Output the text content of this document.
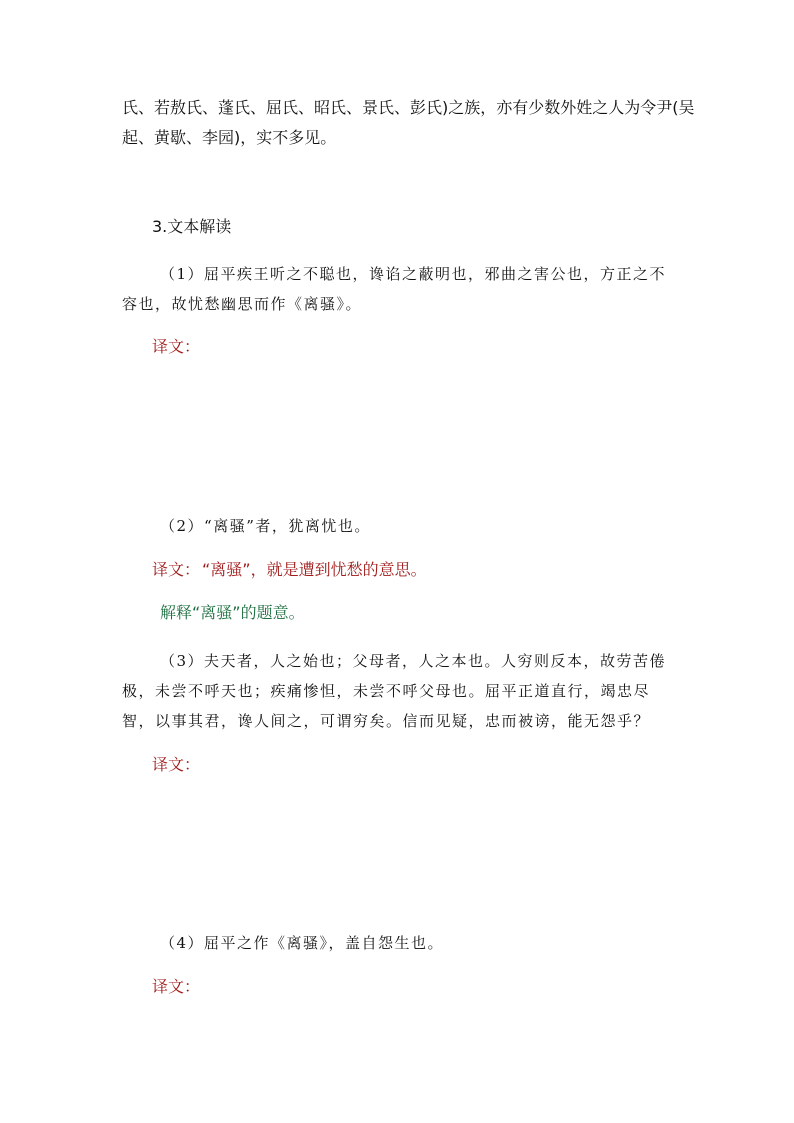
氏、若敖氏、蓬氏、屈氏、昭氏、景氏、彭氏)之族，亦有少数外姓之人为令尹(吴
起、黄歇、李园)，实不多见。
3.文本解读
（1）屈平疾王听之不聪也，谗谄之蔽明也，邪曲之害公也，方正之不
容也，故忧愁幽思而作《离骚》。
译文：
（2）“离骚”者，犹离忧也。
译文： “离骚”，就是遭到忧愁的意思。
解释“离骚”的题意。
（3）夫天者，人之始也；父母者，人之本也。人穷则反本，故劳苦倦
极，未尝不呼天也；疾痛惨怛，未尝不呼父母也。屈平正道直行，竭忠尽
智，以事其君，谗人间之，可谓穷矣。信而见疑，忠而被谤，能无怨乎？
译文：
（4）屈平之作《离骚》，盖自怨生也。
译文：
